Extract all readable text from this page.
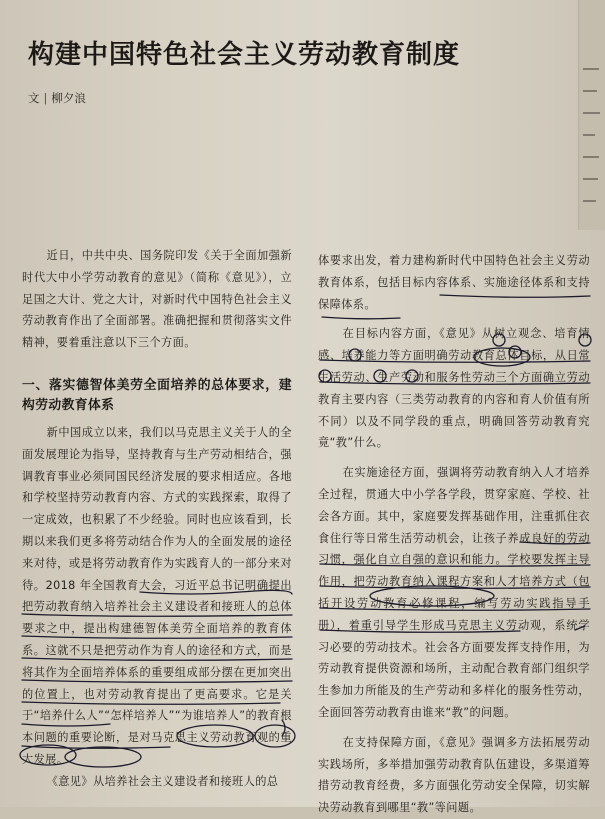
构建中国特色社会主义劳动教育制度
文 | 柳夕浪

近日，中共中央、国务院印发《关于全面加强新时代大中小学劳动教育的意见》（简称《意见》），立足国之大计、党之大计，对新时代中国特色社会主义劳动教育作出了全面部署。准确把握和贯彻落实文件精神，要着重注意以下三个方面。

一、落实德智体美劳全面培养的总体要求，建构劳动教育体系

新中国成立以来，我们以马克思主义关于人的全面发展理论为指导，坚持教育与生产劳动相结合，强调教育事业必须同国民经济发展的要求相适应。各地和学校坚持劳动教育内容、方式的实践探索，取得了一定成效，也积累了不少经验。同时也应该看到，长期以来我们更多将劳动结合作为人的全面发展的途径来对待，或是将劳动教育作为实践育人的一部分来对待。2018 年全国教育大会，习近平总书记明确提出把劳动教育纳入培养社会主义建设者和接班人的总体要求之中，提出构建德智体美劳全面培养的教育体系。这就不只是把劳动作为育人的途径和方式，而是将其作为全面培养体系的重要组成部分摆在更加突出的位置上，也对劳动教育提出了更高要求。它是关于“培养什么人”“怎样培养人”“为谁培养人”的教育根本问题的重要论断，是对马克思主义劳动教育观的重大发展。

《意见》从培养社会主义建设者和接班人的总

体要求出发，着力建构新时代中国特色社会主义劳动教育体系，包括目标内容体系、实施途径体系和支持保障体系。

在目标内容方面，《意见》从树立观念、培育情感、培养能力等方面明确劳动教育总体目标，从日常生活劳动、生产劳动和服务性劳动三个方面确立劳动教育主要内容（三类劳动教育的内容和育人价值有所不同）以及不同学段的重点，明确回答劳动教育究竟“教”什么。

在实施途径方面，强调将劳动教育纳入人才培养全过程，贯通大中小学各学段，贯穿家庭、学校、社会各方面。其中，家庭要发挥基础作用，注重抓住衣食住行等日常生活劳动机会，让孩子养成良好的劳动习惯，强化自立自强的意识和能力。学校要发挥主导作用，把劳动教育纳入课程方案和人才培养方式（包括开设劳动教育必修课程，编写劳动实践指导手册），着重引导学生形成马克思主义劳动观，系统学习必要的劳动技术。社会各方面要发挥支持作用，为劳动教育提供资源和场所，主动配合教育部门组织学生参加力所能及的生产劳动和多样化的服务性劳动，全面回答劳动教育由谁来“教”的问题。

在支持保障方面，《意见》强调多方法拓展劳动实践场所，多举措加强劳动教育队伍建设，多渠道筹措劳动教育经费，多方面强化劳动安全保障，切实解决劳动教育到哪里“教”等问题。
